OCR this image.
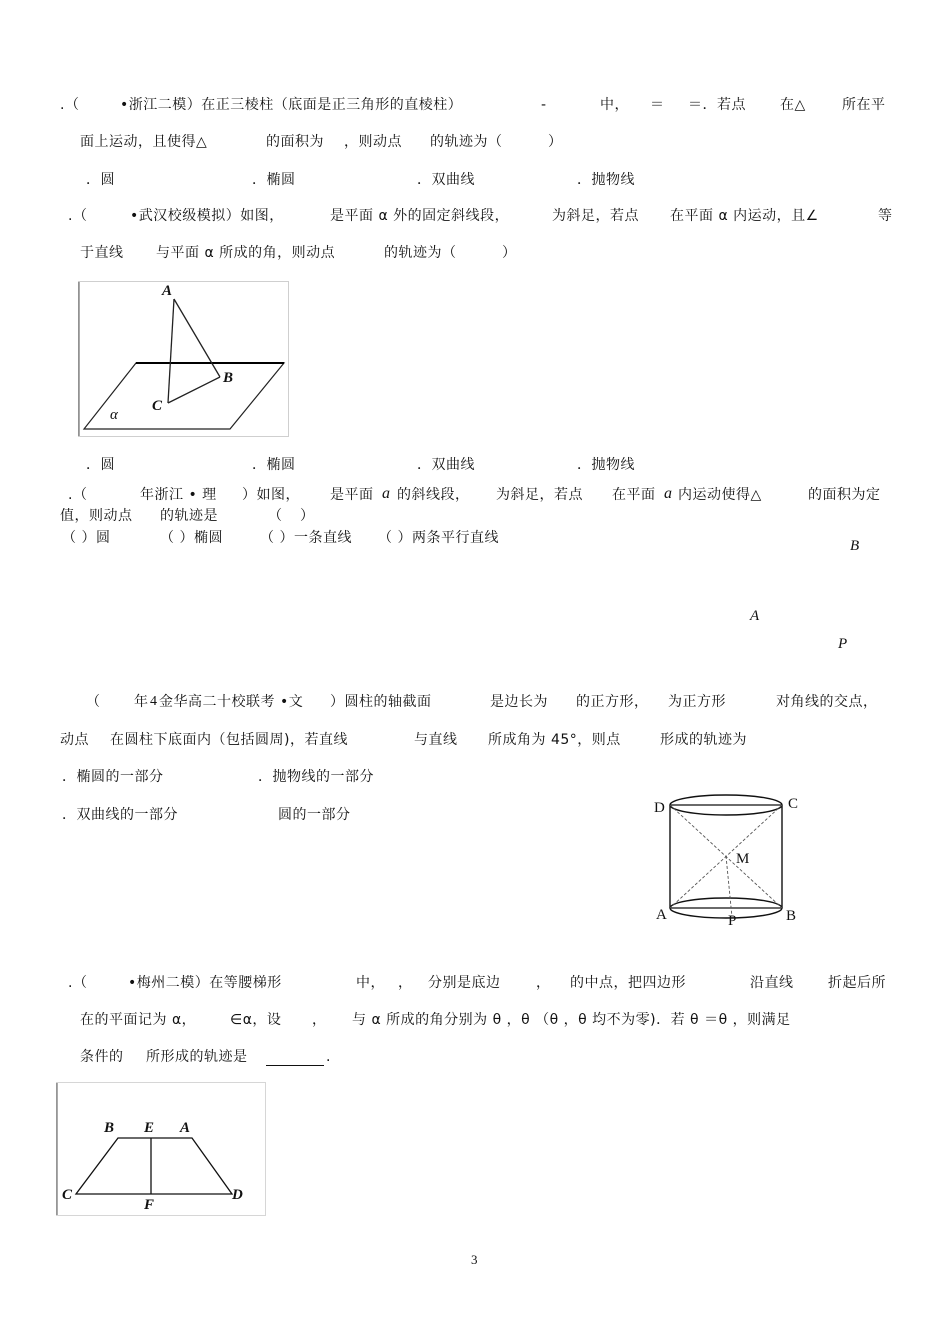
.（	•浙江二模）在正三棱柱（底面是正三角形的直棱柱）	-	中， ＝ ＝．若点 在△	所在平
面上运动，且使得△	的面积为 ，则动点 的轨迹为（	）
．圆	．椭圆	．双曲线	．抛物线
.（	•武汉校级模拟）如图，	是平面 α 外的固定斜线段，	为斜足，若点 在平面 α 内运动，且∠	等
于直线 与平面 α 所成的角，则动点	的轨迹为（	）
A
B
C
α
．圆	．椭圆	．双曲线	．抛物线
.（	年浙江 • 理 ）如图， 是平面 a 的斜线段， 为斜足，若点 在平面 a 内运动使得△	的面积为定
值，则动点 的轨迹是	（ ）
（ ）圆	（ ）椭圆	（ ）一条直线 （ ）两条平行直线	B
A
P
（ 年 4 金华高二十校联考 •文 ）圆柱的轴截面	是边长为 的正方形， 为正方形	对角线的交点，
动点 在圆柱下底面内（包括圆周)，若直线	与直线 所成角为 45°，则点	形成的轨迹为
．椭圆的一部分	．抛物线的一部分
．双曲线的一部分	圆的一部分	D	C
M
A	P	B
.（	•梅州二模）在等腰梯形	中， ， 分别是底边	， 的中点，把四边形	沿直线 折起后所
在的平面记为 α， ∈α，设 ， 与 α 所成的角分别为 θ ，θ （θ ，θ 均不为零)．若 θ ＝θ ，则满足
条件的 所形成的轨迹是	.
B E A
C
F
D
3
